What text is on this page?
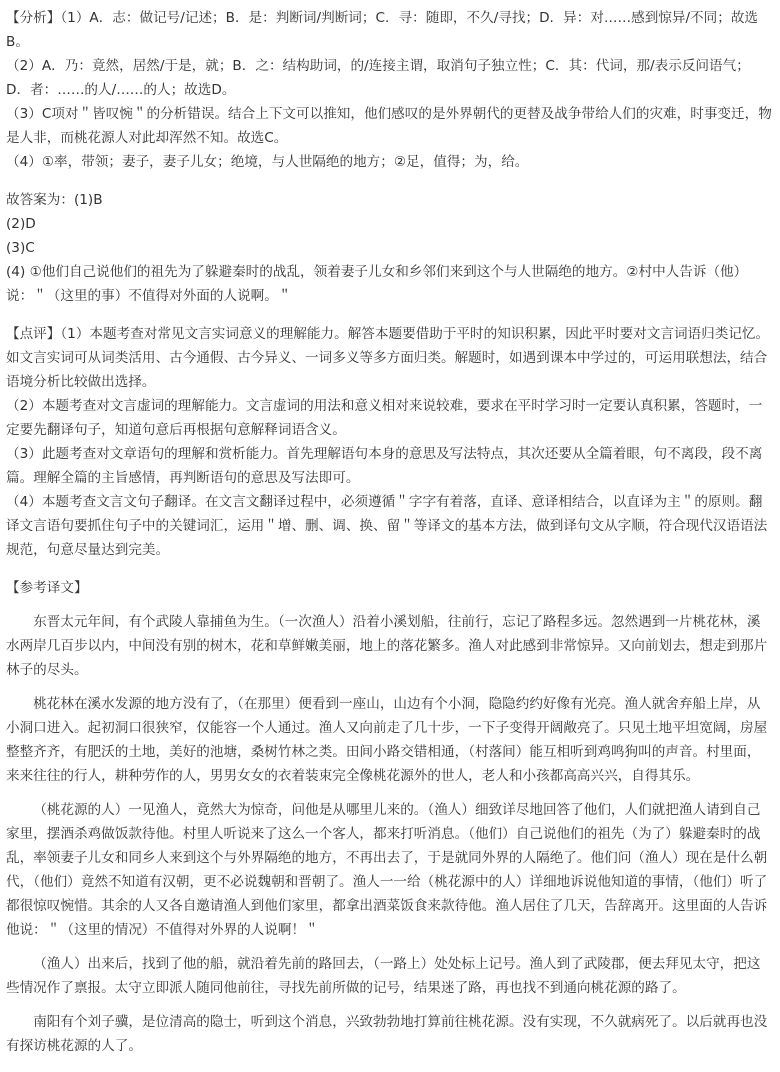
【分析】（1）A．志：做记号/记述；B．是：判断词/判断词；C．寻：随即，不久/寻找；D．异：对……感到惊异/不同；故选B。

（2）A．乃：竟然，居然/于是，就；B．之：结构助词，的/连接主谓，取消句子独立性；C．其：代词，那/表示反问语气；D．者：……的人/……的人；故选D。

（3）C项对＂皆叹惋＂的分析错误。结合上下文可以推知，他们感叹的是外界朝代的更替及战争带给人们的灾难，时事变迁，物是人非，而桃花源人对此却浑然不知。故选C。

（4）①率，带领；妻子，妻子儿女；绝境，与人世隔绝的地方；②足，值得；为，给。

故答案为：(1)B

(2)D

(3)C

(4) ①他们自己说他们的祖先为了躲避秦时的战乱，领着妻子儿女和乡邻们来到这个与人世隔绝的地方。②村中人告诉（他）说：＂（这里的事）不值得对外面的人说啊。＂

【点评】（1）本题考查对常见文言实词意义的理解能力。解答本题要借助于平时的知识积累，因此平时要对文言词语归类记忆。如文言实词可从词类活用、古今通假、古今异义、一词多义等多方面归类。解题时，如遇到课本中学过的，可运用联想法，结合语境分析比较做出选择。

（2）本题考查对文言虚词的理解能力。文言虚词的用法和意义相对来说较难，要求在平时学习时一定要认真积累，答题时，一定要先翻译句子，知道句意后再根据句意解释词语含义。

（3）此题考查对文章语句的理解和赏析能力。首先理解语句本身的意思及写法特点，其次还要从全篇着眼，句不离段，段不离篇。理解全篇的主旨感情，再判断语句的意思及写法即可。

（4）本题考查文言文句子翻译。在文言文翻译过程中，必须遵循＂字字有着落，直译、意译相结合，以直译为主＂的原则。翻译文言语句要抓住句子中的关键词汇，运用＂增、删、调、换、留＂等译文的基本方法，做到译句文从字顺，符合现代汉语语法规范，句意尽量达到完美。

【参考译文】

东晋太元年间，有个武陵人靠捕鱼为生。（一次渔人）沿着小溪划船，往前行，忘记了路程多远。忽然遇到一片桃花林，溪水两岸几百步以内，中间没有别的树木，花和草鲜嫩美丽，地上的落花繁多。渔人对此感到非常惊异。又向前划去，想走到那片林子的尽头。

桃花林在溪水发源的地方没有了，（在那里）便看到一座山，山边有个小洞，隐隐约约好像有光亮。渔人就舍弃船上岸，从小洞口进入。起初洞口很狭窄，仅能容一个人通过。渔人又向前走了几十步，一下子变得开阔敞亮了。只见土地平坦宽阔，房屋整整齐齐，有肥沃的土地，美好的池塘，桑树竹林之类。田间小路交错相通，（村落间）能互相听到鸡鸣狗叫的声音。村里面，来来往往的行人，耕种劳作的人，男男女女的衣着装束完全像桃花源外的世人，老人和小孩都高高兴兴，自得其乐。

（桃花源的人）一见渔人，竟然大为惊奇，问他是从哪里儿来的。（渔人）细致详尽地回答了他们，人们就把渔人请到自己家里，摆酒杀鸡做饭款待他。村里人听说来了这么一个客人，都来打听消息。（他们）自己说他们的祖先（为了）躲避秦时的战乱，率领妻子儿女和同乡人来到这个与外界隔绝的地方，不再出去了，于是就同外界的人隔绝了。他们问（渔人）现在是什么朝代，（他们）竟然不知道有汉朝，更不必说魏朝和晋朝了。渔人一一给（桃花源中的人）详细地诉说他知道的事情，（他们）听了都很惊叹惋惜。其余的人又各自邀请渔人到他们家里，都拿出酒菜饭食来款待他。渔人居住了几天，告辞离开。这里面的人告诉他说：＂（这里的情况）不值得对外界的人说啊！＂

（渔人）出来后，找到了他的船，就沿着先前的路回去，（一路上）处处标上记号。渔人到了武陵郡，便去拜见太守，把这些情况作了禀报。太守立即派人随同他前往，寻找先前所做的记号，结果迷了路，再也找不到通向桃花源的路了。

南阳有个刘子骥，是位清高的隐士，听到这个消息，兴致勃勃地打算前往桃花源。没有实现，不久就病死了。以后就再也没有探访桃花源的人了。
